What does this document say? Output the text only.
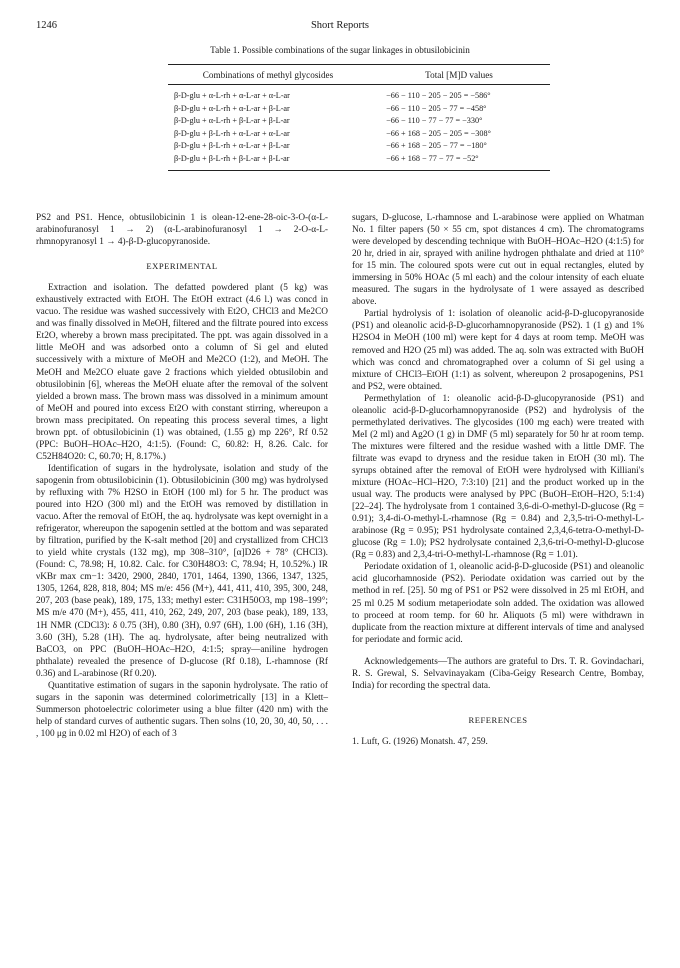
1246	Short Reports
Table 1. Possible combinations of the sugar linkages in obtusilobicinin
Combinations of methyl glycosides	Total [M]D values
β-D-glu + α-L-rh + α-L-ar + α-L-ar	−66 − 110 − 205 − 205 = −586°
β-D-glu + α-L-rh + α-L-ar + β-L-ar	−66 − 110 − 205 − 77 = −458°
β-D-glu + α-L-rh + β-L-ar + β-L-ar	−66 − 110 − 77 − 77 = −330°
β-D-glu + β-L-rh + α-L-ar + α-L-ar	−66 + 168 − 205 − 205 = −308°
β-D-glu + β-L-rh + α-L-ar + β-L-ar	−66 + 168 − 205 − 77 = −180°
β-D-glu + β-L-rh + β-L-ar + β-L-ar	−66 + 168 − 77 − 77 = −52°

PS2 and PS1. Hence, obtusilobicinin 1 is olean-12-ene-28-oic-3-O-(α-L-arabinofuranosyl 1 → 2) (α-L-arabinofuranosyl 1 → 2-O-α-L-rhmnopyranosyl 1 → 4)-β-D-glucopyranoside.

EXPERIMENTAL

Extraction and isolation. The defatted powdered plant (5 kg) was exhaustively extracted with EtOH. The EtOH extract (4.6 l.) was concd in vacuo. The residue was washed successively with Et2O, CHCl3 and Me2CO and was finally dissolved in MeOH, filtered and the filtrate poured into excess Et2O, whereby a brown mass precipitated. The ppt. was again dissolved in a little MeOH and was adsorbed onto a column of Si gel and eluted successively with a mixture of MeOH and Me2CO (1:2), and MeOH. The MeOH and Me2CO eluate gave 2 fractions which yielded obtusilobin and obtusilobinin [6], whereas the MeOH eluate after the removal of the solvent yielded a brown mass. The brown mass was dissolved in a minimum amount of MeOH and poured into excess Et2O with constant stirring, whereupon a brown mass precipitated. On repeating this process several times, a light brown ppt. of obtusilobicinin (1) was obtained, (1.55 g) mp 226°, Rf 0.52 (PPC: BuOH–HOAc–H2O, 4:1:5). (Found: C, 60.82: H, 8.26. Calc. for C52H84O20: C, 60.70; H, 8.17%.)

Identification of sugars in the hydrolysate, isolation and study of the sapogenin from obtusilobicinin (1). Obtusilobicinin (300 mg) was hydrolysed by refluxing with 7% H2SO in EtOH (100 ml) for 5 hr. The product was poured into H2O (300 ml) and the EtOH was removed by distillation in vacuo. After the removal of EtOH, the aq. hydrolysate was kept overnight in a refrigerator, whereupon the sapogenin settled at the bottom and was separated by filtration, purified by the K-salt method [20] and crystallized from CHCl3 to yield white crystals (132 mg), mp 308–310°, [α]D26 + 78° (CHCl3). (Found: C, 78.98; H, 10.82. Calc. for C30H48O3: C, 78.94; H, 10.52%.) IR νKBr max cm−1: 3420, 2900, 2840, 1701, 1464, 1390, 1366, 1347, 1325, 1305, 1264, 828, 818, 804; MS m/e: 456 (M+), 441, 411, 410, 395, 300, 248, 207, 203 (base peak), 189, 175, 133; methyl ester: C31H50O3, mp 198–199°; MS m/e 470 (M+), 455, 411, 410, 262, 249, 207, 203 (base peak), 189, 133, 1H NMR (CDCl3): δ 0.75 (3H), 0.80 (3H), 0.97 (6H), 1.00 (6H), 1.16 (3H), 3.60 (3H), 5.28 (1H). The aq. hydrolysate, after being neutralized with BaCO3, on PPC (BuOH–HOAc–H2O, 4:1:5; spray—aniline hydrogen phthalate) revealed the presence of D-glucose (Rf 0.18), L-rhamnose (Rf 0.36) and L-arabinose (Rf 0.20).

Quantitative estimation of sugars in the saponin hydrolysate. The ratio of sugars in the saponin was determined colorimetrically [13] in a Klett–Summerson photoelectric colorimeter using a blue filter (420 nm) with the help of standard curves of authentic sugars. Then solns (10, 20, 30, 40, 50, . . . , 100 μg in 0.02 ml H2O) of each of 3

sugars, D-glucose, L-rhamnose and L-arabinose were applied on Whatman No. 1 filter papers (50 × 55 cm, spot distances 4 cm). The chromatograms were developed by descending technique with BuOH–HOAc–H2O (4:1:5) for 20 hr, dried in air, sprayed with aniline hydrogen phthalate and dried at 110° for 15 min. The coloured spots were cut out in equal rectangles, eluted by immersing in 50% HOAc (5 ml each) and the colour intensity of each eluate measured. The sugars in the hydrolysate of 1 were assayed as described above.

Partial hydrolysis of 1: isolation of oleanolic acid-β-D-glucopyranoside (PS1) and oleanolic acid-β-D-glucorhamnopyranoside (PS2). 1 (1 g) and 1% H2SO4 in MeOH (100 ml) were kept for 4 days at room temp. MeOH was removed and H2O (25 ml) was added. The aq. soln was extracted with BuOH which was concd and chromatographed over a column of Si gel using a mixture of CHCl3–EtOH (1:1) as solvent, whereupon 2 prosapogenins, PS1 and PS2, were obtained.

Permethylation of 1: oleanolic acid-β-D-glucopyranoside (PS1) and oleanolic acid-β-D-glucorhamnopyranoside (PS2) and hydrolysis of the permethylated derivatives. The glycosides (100 mg each) were treated with MeI (2 ml) and Ag2O (1 g) in DMF (5 ml) separately for 50 hr at room temp. The mixtures were filtered and the residue washed with a little DMF. The filtrate was evapd to dryness and the residue taken in EtOH (30 ml). The syrups obtained after the removal of EtOH were hydrolysed with Killiani's mixture (HOAc–HCl–H2O, 7:3:10) [21] and the product worked up in the usual way. The products were analysed by PPC (BuOH–EtOH–H2O, 5:1:4) [22–24]. The hydrolysate from 1 contained 3,6-di-O-methyl-D-glucose (Rg = 0.91); 3,4-di-O-methyl-L-rhamnose (Rg = 0.84) and 2,3,5-tri-O-methyl-L-arabinose (Rg = 0.95); PS1 hydrolysate contained 2,3,4,6-tetra-O-methyl-D-glucose (Rg = 1.0); PS2 hydrolysate contained 2,3,6-tri-O-methyl-D-glucose (Rg = 0.83) and 2,3,4-tri-O-methyl-L-rhamnose (Rg = 1.01).

Periodate oxidation of 1, oleanolic acid-β-D-glucoside (PS1) and oleanolic acid glucorhamnoside (PS2). Periodate oxidation was carried out by the method in ref. [25]. 50 mg of PS1 or PS2 were dissolved in 25 ml EtOH, and 25 ml 0.25 M sodium metaperiodate soln added. The oxidation was allowed to proceed at room temp. for 60 hr. Aliquots (5 ml) were withdrawn in duplicate from the reaction mixture at different intervals of time and analysed for periodate and formic acid.

Acknowledgements—The authors are grateful to Drs. T. R. Govindachari, R. S. Grewal, S. Selvavinayakam (Ciba-Geigy Research Centre, Bombay, India) for recording the spectral data.

REFERENCES

1. Luft, G. (1926) Monatsh. 47, 259.
